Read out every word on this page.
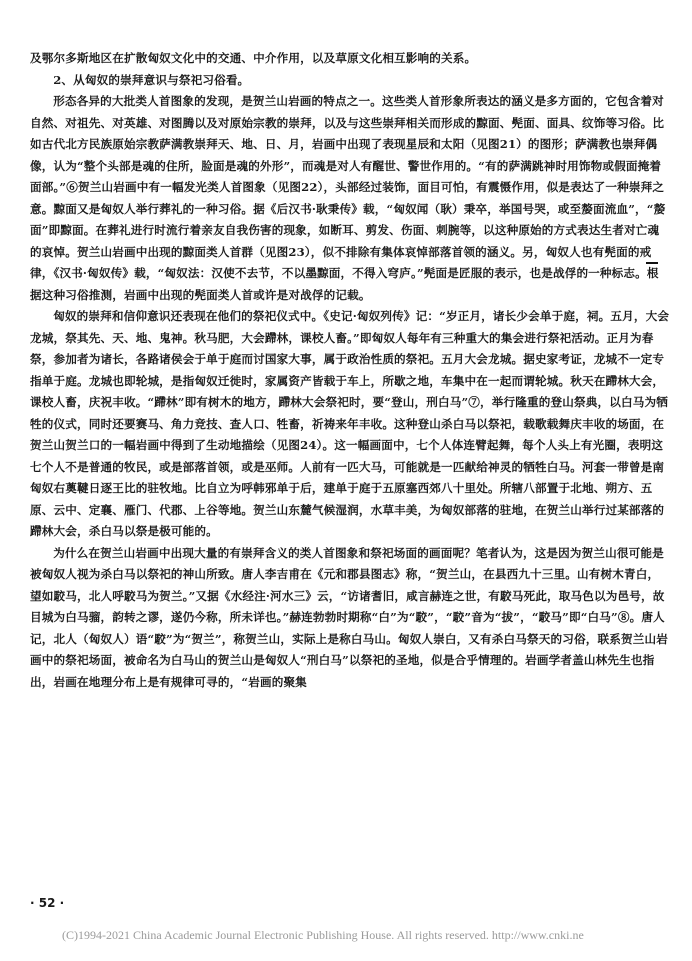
及鄂尔多斯地区在扩散匈奴文化中的交通、中介作用，以及草原文化相互影响的关系。

2、从匈奴的崇拜意识与祭祀习俗看。

形态各异的大批类人首图象的发现，是贺兰山岩画的特点之一。这些类人首形象所表达的涵义是多方面的，它包含着对自然、对祖先、对英雄、对图腾以及对原始宗教的崇拜，以及与这些崇拜相关而形成的黥面、髡面、面具、纹饰等习俗。比如古代北方民族原始宗教萨满教崇拜天、地、日、月，岩画中出现了表现星辰和太阳（见图21）的图形；萨满教也崇拜偶像，认为“整个头部是魂的住所，脸面是魂的外形”，而魂是对人有醒世、警世作用的。“有的萨满跳神时用饰物或假面掩着面部。”⑥贺兰山岩画中有一幅发光类人首图象（见图22），头部经过装饰，面目可怕，有震慑作用，似是表达了一种崇拜之意。黥面又是匈奴人举行葬礼的一种习俗。据《后汉书·耿秉传》载，“匈奴闻（耿）秉卒，举国号哭，或至嫠面流血”，“嫠面”即黥面。在葬礼进行时流行着亲友自我伤害的现象，如断耳、剪发、伤面、刺腕等，以这种原始的方式表达生者对亡魂的哀悼。贺兰山岩画中出现的黥面类人首群（见图23），似不排除有集体哀悼部落首领的涵义。另，匈奴人也有髡面的戒律，《汉书·匈奴传》载，“匈奴法：汉使不去节，不以墨黥面，不得入穹庐。”髡面是匠服的表示，也是战俘的一种标志。根据这种习俗推测，岩画中出现的髡面类人首或许是对战俘的记载。

匈奴的崇拜和信仰意识还表现在他们的祭祀仪式中。《史记·匈奴列传》记：“岁正月，诸长少会单于庭，祠。五月，大会龙城，祭其先、天、地、鬼神。秋马肥，大会蹛林，课校人畜。”即匈奴人每年有三种重大的集会进行祭祀活动。正月为春祭，参加者为诸长，各路诸侯会于单于庭而讨国家大事，属于政治性质的祭祀。五月大会龙城。据史家考证，龙城不一定专指单于庭。龙城也即轮城，是指匈奴迁徙时，家属资产皆载于车上，所歇之地，车集中在一起而谓轮城。秋天在蹛林大会，课校人畜，庆祝丰收。“蹛林”即有树木的地方，蹛林大会祭祀时，要“登山，刑白马”⑦，举行隆重的登山祭典，以白马为牺牲的仪式，同时还要赛马、角力竞技、查人口、牲畜，祈祷来年丰收。这种登山杀白马以祭祀，载歌载舞庆丰收的场面，在贺兰山贺兰口的一幅岩画中得到了生动地描绘（见图24）。这一幅画面中，七个人体连臂起舞，每个人头上有光圈，表明这七个人不是普通的牧民，或是部落首领，或是巫师。人前有一匹大马，可能就是一匹献给神灵的牺牲白马。河套一带曾是南匈奴右薁鞬日逐王比的驻牧地。比自立为呼韩邪单于后，建单于庭于五原塞西郊八十里处。所辖八部置于北地、朔方、五原、云中、定襄、雁门、代郡、上谷等地。贺兰山东麓气候湿润，水草丰美，为匈奴部落的驻地，在贺兰山举行过某部落的蹛林大会，杀白马以祭是极可能的。

为什么在贺兰山岩画中出现大量的有崇拜含义的类人首图象和祭祀场面的画面呢？笔者认为，这是因为贺兰山很可能是被匈奴人视为杀白马以祭祀的神山所致。唐人李吉甫在《元和郡县图志》称，“贺兰山，在县西九十三里。山有树木青白，望如駮马，北人呼駮马为贺兰。”又据《水经注·河水三》云，“访诸耆旧，咸言赫连之世，有駮马死此，取马色以为邑号，故目城为白马骝，韵转之谬，遂仍今称，所未详也。”赫连勃勃时期称“白”为“駮”，“駮”音为“拔”，“駮马”即“白马”⑧。唐人记，北人（匈奴人）语“駮”为“贺兰”，称贺兰山，实际上是称白马山。匈奴人崇白，又有杀白马祭天的习俗，联系贺兰山岩画中的祭祀场面，被命名为白马山的贺兰山是匈奴人“刑白马”以祭祀的圣地，似是合乎情理的。岩画学者盖山林先生也指出，岩画在地理分布上是有规律可寻的，“岩画的聚集

· 52 ·
(C)1994-2021 China Academic Journal Electronic Publishing House. All rights reserved. http://www.cnki.ne
